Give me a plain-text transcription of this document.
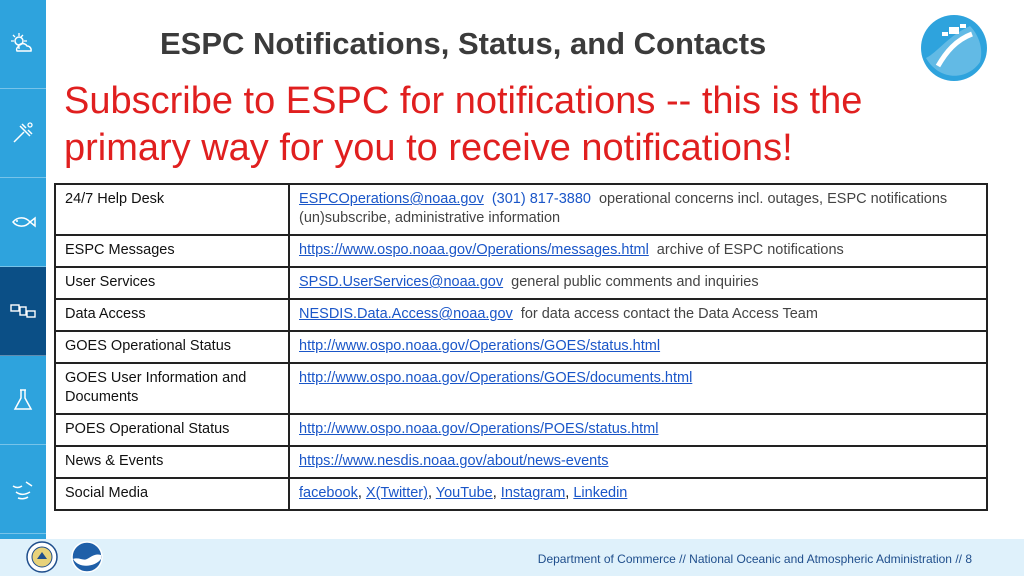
ESPC Notifications, Status, and Contacts
Subscribe to ESPC for notifications -- this is the primary way for you to receive notifications!
24/7 Help Desk	ESPCOperations@noaa.gov (301) 817-3880 operational concerns incl. outages, ESPC notifications (un)subscribe, administrative information
ESPC Messages	https://www.ospo.noaa.gov/Operations/messages.html archive of ESPC notifications
User Services	SPSD.UserServices@noaa.gov general public comments and inquiries
Data Access	NESDIS.Data.Access@noaa.gov for data access contact the Data Access Team
GOES Operational Status	http://www.ospo.noaa.gov/Operations/GOES/status.html
GOES User Information and Documents	http://www.ospo.noaa.gov/Operations/GOES/documents.html
POES Operational Status	http://www.ospo.noaa.gov/Operations/POES/status.html
News & Events	https://www.nesdis.noaa.gov/about/news-events
Social Media	facebook, X(Twitter), YouTube, Instagram, Linkedin
Department of Commerce // National Oceanic and Atmospheric Administration // 8
